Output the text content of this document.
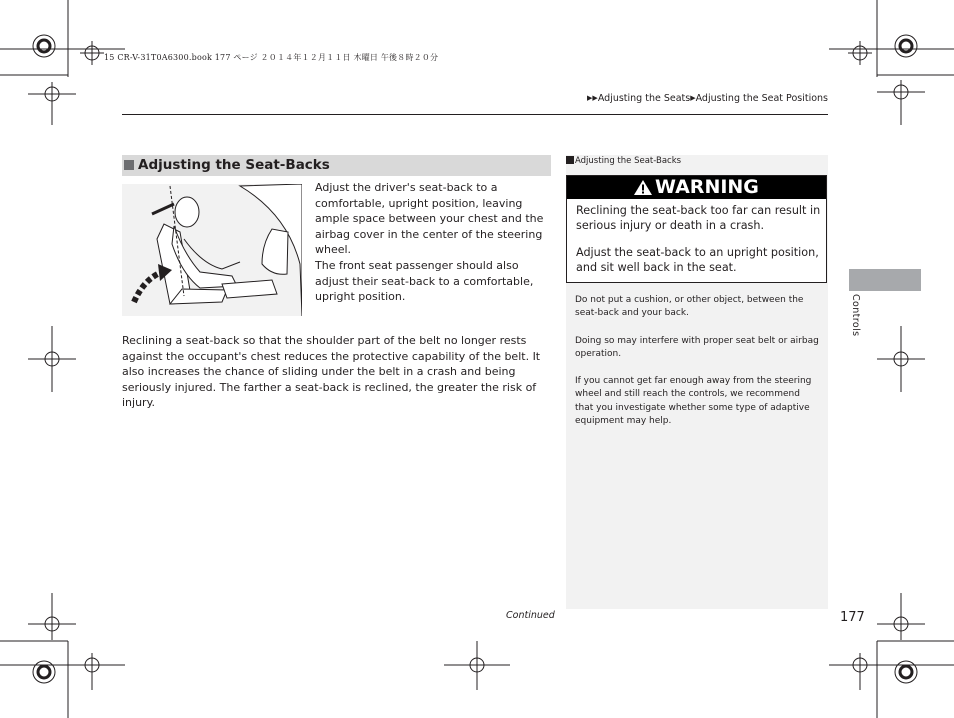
15 CR-V-31T0A6300.book 177 ページ ２０１４年１２月１１日 木曜日 午後８時２０分
▶▶Adjusting the Seats▶Adjusting the Seat Positions
Adjusting the Seat-Backs
Adjust the driver's seat-back to a comfortable, upright position, leaving ample space between your chest and the airbag cover in the center of the steering wheel.
The front seat passenger should also adjust their seat-back to a comfortable, upright position.
Reclining a seat-back so that the shoulder part of the belt no longer rests against the occupant's chest reduces the protective capability of the belt. It also increases the chance of sliding under the belt in a crash and being seriously injured. The farther a seat-back is reclined, the greater the risk of injury.
Adjusting the Seat-Backs
WARNING
Reclining the seat-back too far can result in serious injury or death in a crash.
Adjust the seat-back to an upright position, and sit well back in the seat.
Do not put a cushion, or other object, between the seat-back and your back.
Doing so may interfere with proper seat belt or airbag operation.
If you cannot get far enough away from the steering wheel and still reach the controls, we recommend that you investigate whether some type of adaptive equipment may help.
Controls
Continued	177
